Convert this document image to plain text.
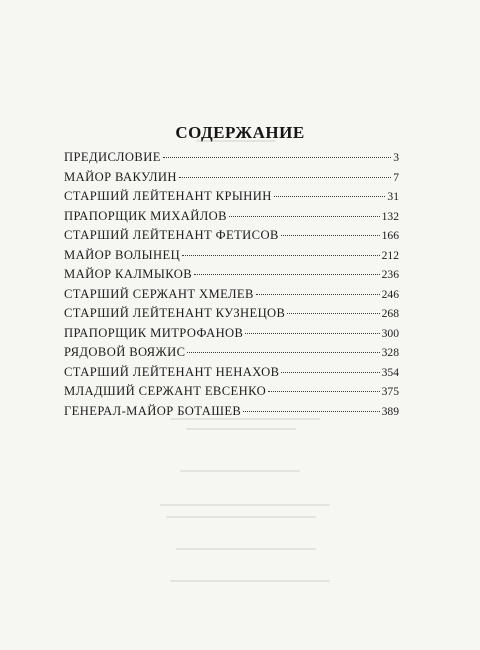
СОДЕРЖАНИЕ
ПРЕДИСЛОВИЕ	3
МАЙОР ВАКУЛИН	7
СТАРШИЙ ЛЕЙТЕНАНТ КРЫНИН	31
ПРАПОРЩИК МИХАЙЛОВ	132
СТАРШИЙ ЛЕЙТЕНАНТ ФЕТИСОВ	166
МАЙОР ВОЛЫНЕЦ	212
МАЙОР КАЛМЫКОВ	236
СТАРШИЙ СЕРЖАНТ ХМЕЛЕВ	246
СТАРШИЙ ЛЕЙТЕНАНТ КУЗНЕЦОВ	268
ПРАПОРЩИК МИТРОФАНОВ	300
РЯДОВОЙ ВОЯЖИС	328
СТАРШИЙ ЛЕЙТЕНАНТ НЕНАХОВ	354
МЛАДШИЙ СЕРЖАНТ ЕВСЕНКО	375
ГЕНЕРАЛ-МАЙОР БОТАШЕВ	389
